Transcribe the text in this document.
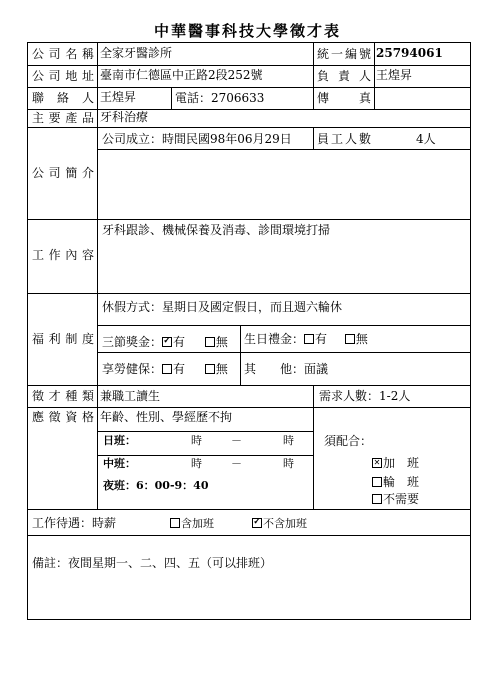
中華醫事科技大學徵才表
公司名稱 全家牙醫診所	統一編號 25794061
公司地址 臺南市仁德區中正路2段252號	負責人 王煌昇
聯絡人 王煌昇	電話：2706633	傳真
主要產品 牙科治療
公司簡介
公司成立：時間民國98年06月29日 員工人數	4人
工作內容
牙科跟診、機械保養及消毒、診間環境打掃
福利制度
休假方式：星期日及國定假日，而且週六輪休
三節獎金： ✓ 有	無 生日禮金： 有 無
享勞健保： 有	無 其　　他：面議
徵才種類 兼職工讀生	需求人數：1-2人
應徵資格 年齡、性別、學經歷不拘
日班：	時	－	時
中班：	時	－	時
夜班：6：00-9：40
須配合：
✕加　班
輪　班
不需要
工作待遇：時薪	含加班 ✓	不含加班
備註：夜間星期一、二、四、五（可以排班）
